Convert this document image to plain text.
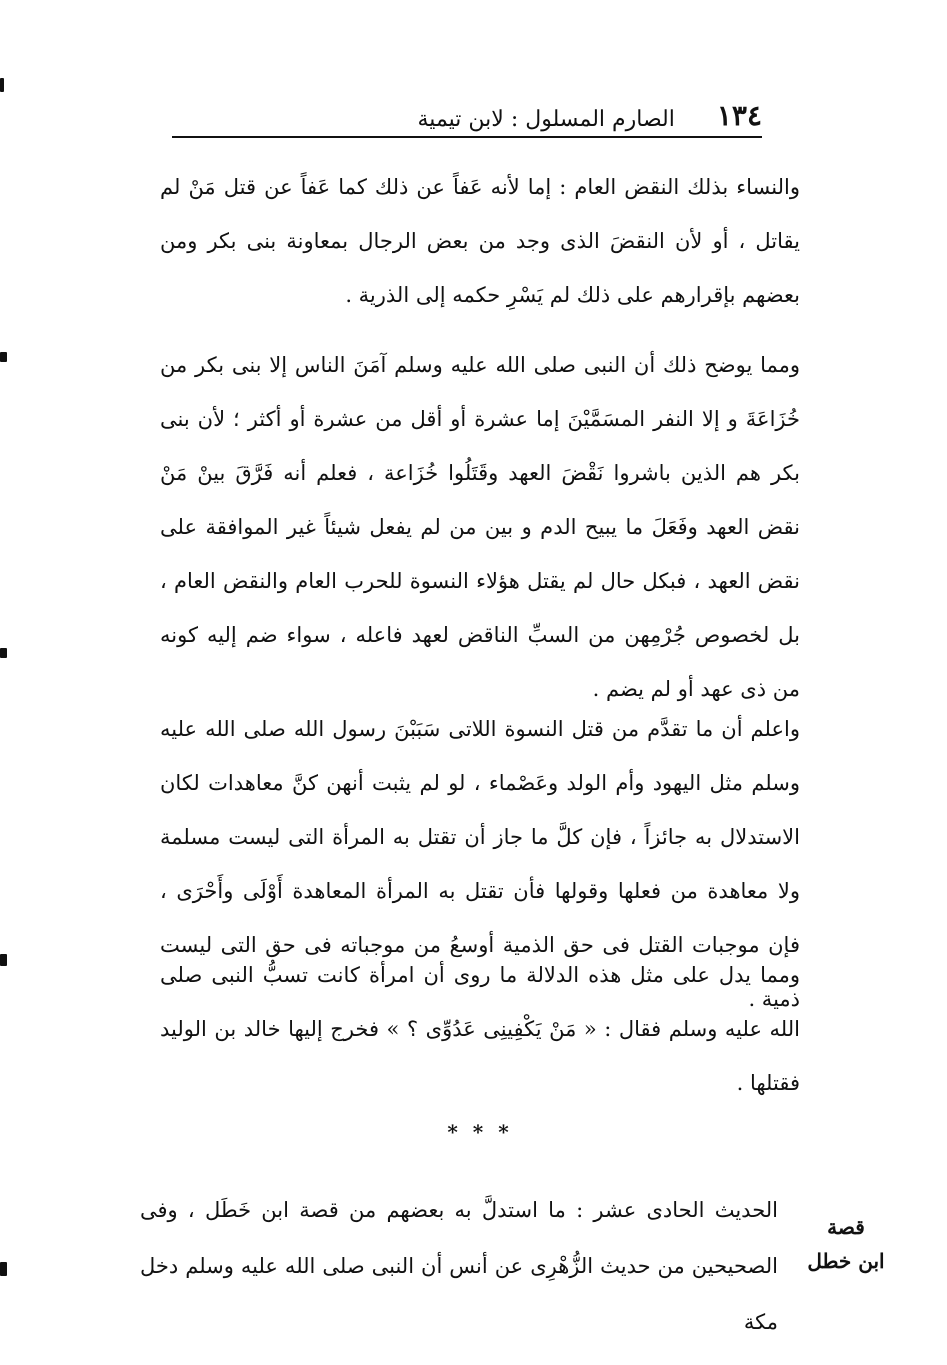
١٣٤
الصارم المسلول : لابن تيمية

والنساء بذلك النقض العام : إما لأنه عَفاً عن ذلك كما عَفاً عن قتل مَنْ لم يقاتل ، أو لأن النقضَ الذى وجد من بعض الرجال بمعاونة بنى بكر ومن بعضهم بإقرارهم على ذلك لم يَسْرِ حكمه إلى الذرية .

ومما يوضح ذلك أن النبى صلى الله عليه وسلم آمَنَ الناس إلا بنى بكر من خُزَاعَةَ و إلا النفر المسَمَّيْنَ إما عشرة أو أقل من عشرة أو أكثر ؛ لأن بنى بكر هم الذين باشروا نَقْضَ العهد وقَتَلُوا خُزَاعة ، فعلم أنه فَرَّقَ بينْ مَنْ نقض العهد وفَعَلَ ما يبيح الدم و بين من لم يفعل شيئاً غير الموافقة على نقض العهد ، فبكل حال لم يقتل هؤلاء النسوة للحرب العام والنقض العام ، بل لخصوص جُرْمِهن من السبِّ الناقض لعهد فاعله ، سواء ضم إليه كونه من ذى عهد أو لم يضم .

واعلم أن ما تقدَّم من قتل النسوة اللاتى سَبَبْنَ رسول الله صلى الله عليه وسلم مثل اليهود وأم الولد وعَصْماء ، لو لم يثبت أنهن كنَّ معاهدات لكان الاستدلال به جائزاً ، فإن كلَّ ما جاز أن تقتل به المرأة التى ليست مسلمة ولا معاهدة من فعلها وقولها فأن تقتل به المرأة المعاهدة أَوْلَى وأَحْرَى ، فإن موجبات القتل فى حق الذمية أوسعُ من موجباته فى حق التى ليست ذمية .

ومما يدل على مثل هذه الدلالة ما روى أن امرأة كانت تسبُّ النبى صلى الله عليه وسلم فقال : « مَنْ يَكْفِينِى عَدُوِّى ؟ » فخرج إليها خالد بن الوليد فقتلها .

* * *

الحديث الحادى عشر : ما استدلَّ به بعضهم من قصة ابن خَطَل ، وفى الصحيحين من حديث الزُّهْرِى عن أنس أن النبى صلى الله عليه وسلم دخل مكة

قصة
ابن خطل
